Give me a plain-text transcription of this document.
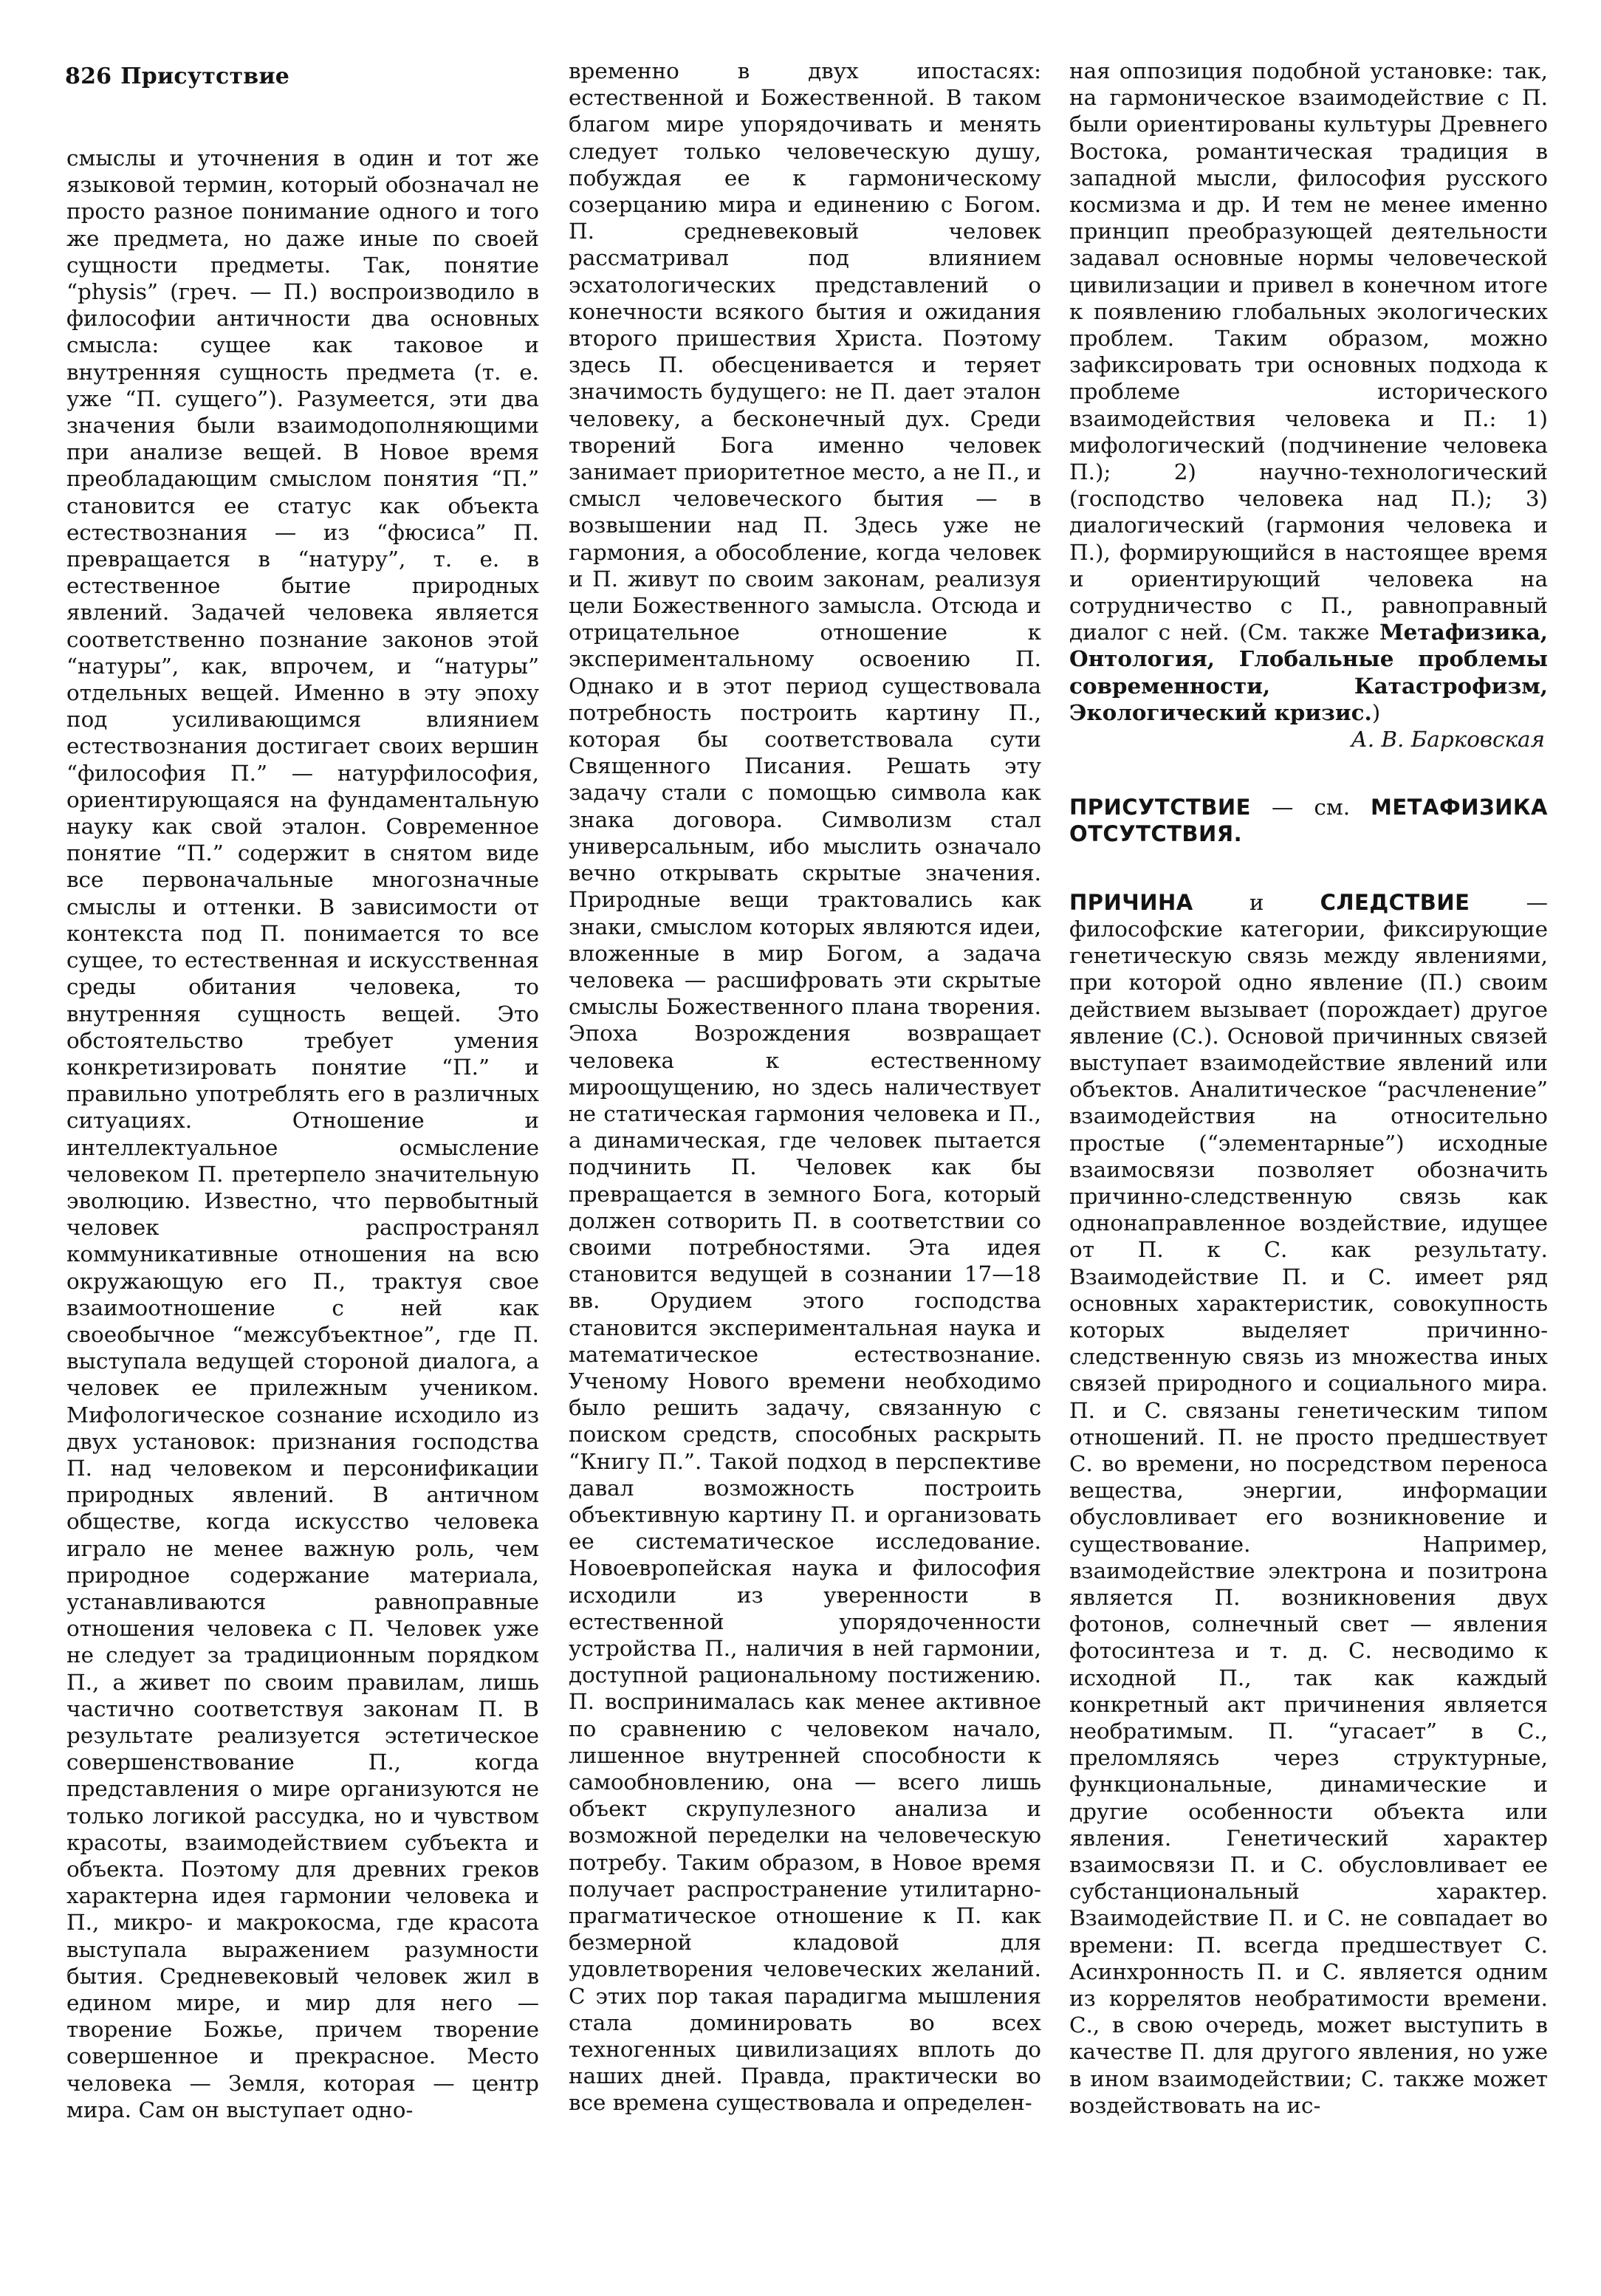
826 Присутствие

смыслы и уточнения в один и тот же языковой термин, который обозначал не просто разное понимание одного и того же предмета, но даже иные по своей сущности предметы. Так, понятие “physis” (греч. — П.) воспроизводило в философии античности два основных смысла: сущее как таковое и внутренняя сущность предмета (т. е. уже “П. сущего”). Разумеется, эти два значения были взаимодополняющими при анализе вещей. В Новое время преобладающим смыслом понятия “П.” становится ее статус как объекта естествознания — из “фюсиса” П. превращается в “натуру”, т. е. в естественное бытие природных явлений. Задачей человека является соответственно познание законов этой “натуры”, как, впрочем, и “натуры” отдельных вещей. Именно в эту эпоху под усиливающимся влиянием естествознания достигает своих вершин “философия П.” — натурфилософия, ориентирующаяся на фундаментальную науку как свой эталон. Современное понятие “П.” содержит в снятом виде все первоначальные многозначные смыслы и оттенки. В зависимости от контекста под П. понимается то все сущее, то естественная и искусственная среды обитания человека, то внутренняя сущность вещей. Это обстоятельство требует умения конкретизировать понятие “П.” и правильно употреблять его в различных ситуациях. Отношение и интеллектуальное осмысление человеком П. претерпело значительную эволюцию. Известно, что первобытный человек распространял коммуникативные отношения на всю окружающую его П., трактуя свое взаимоотношение с ней как своеобычное “межсубъектное”, где П. выступала ведущей стороной диалога, а человек ее прилежным учеником. Мифологическое сознание исходило из двух установок: признания господства П. над человеком и персонификации природных явлений. В античном обществе, когда искусство человека играло не менее важную роль, чем природное содержание материала, устанавливаются равноправные отношения человека с П. Человек уже не следует за традиционным порядком П., а живет по своим правилам, лишь частично соответствуя законам П. В результате реализуется эстетическое совершенствование П., когда представления о мире организуются не только логикой рассудка, но и чувством красоты, взаимодействием субъекта и объекта. Поэтому для древних греков характерна идея гармонии человека и П., микро- и макрокосма, где красота выступала выражением разумности бытия. Средневековый человек жил в едином мире, и мир для него — творение Божье, причем творение совершенное и прекрасное. Место человека — Земля, которая — центр мира. Сам он выступает одно-

временно в двух ипостасях: естественной и Божественной. В таком благом мире упорядочивать и менять следует только человеческую душу, побуждая ее к гармоническому созерцанию мира и единению с Богом. П. средневековый человек рассматривал под влиянием эсхатологических представлений о конечности всякого бытия и ожидания второго пришествия Христа. Поэтому здесь П. обесценивается и теряет значимость будущего: не П. дает эталон человеку, а бесконечный дух. Среди творений Бога именно человек занимает приоритетное место, а не П., и смысл человеческого бытия — в возвышении над П. Здесь уже не гармония, а обособление, когда человек и П. живут по своим законам, реализуя цели Божественного замысла. Отсюда и отрицательное отношение к экспериментальному освоению П. Однако и в этот период существовала потребность построить картину П., которая бы соответствовала сути Священного Писания. Решать эту задачу стали с помощью символа как знака договора. Символизм стал универсальным, ибо мыслить означало вечно открывать скрытые значения. Природные вещи трактовались как знаки, смыслом которых являются идеи, вложенные в мир Богом, а задача человека — расшифровать эти скрытые смыслы Божественного плана творения. Эпоха Возрождения возвращает человека к естественному мироощущению, но здесь наличествует не статическая гармония человека и П., а динамическая, где человек пытается подчинить П. Человек как бы превращается в земного Бога, который должен сотворить П. в соответствии со своими потребностями. Эта идея становится ведущей в сознании 17—18 вв. Орудием этого господства становится экспериментальная наука и математическое естествознание. Ученому Нового времени необходимо было решить задачу, связанную с поиском средств, способных раскрыть “Книгу П.”. Такой подход в перспективе давал возможность построить объективную картину П. и организовать ее систематическое исследование. Новоевропейская наука и философия исходили из уверенности в естественной упорядоченности устройства П., наличия в ней гармонии, доступной рациональному постижению. П. воспринималась как менее активное по сравнению с человеком начало, лишенное внутренней способности к самообновлению, она — всего лишь объект скрупулезного анализа и возможной переделки на человеческую потребу. Таким образом, в Новое время получает распространение утилитарно-прагматическое отношение к П. как безмерной кладовой для удовлетворения человеческих желаний. С этих пор такая парадигма мышления стала доминировать во всех техногенных цивилизациях вплоть до наших дней. Правда, практически во все времена существовала и определен-

ная оппозиция подобной установке: так, на гармоническое взаимодействие с П. были ориентированы культуры Древнего Востока, романтическая традиция в западной мысли, философия русского космизма и др. И тем не менее именно принцип преобразующей деятельности задавал основные нормы человеческой цивилизации и привел в конечном итоге к появлению глобальных экологических проблем. Таким образом, можно зафиксировать три основных подхода к проблеме исторического взаимодействия человека и П.: 1) мифологический (подчинение человека П.); 2) научно-технологический (господство человека над П.); 3) диалогический (гармония человека и П.), формирующийся в настоящее время и ориентирующий человека на сотрудничество с П., равноправный диалог с ней. (См. также Метафизика, Онтология, Глобальные проблемы современности, Катастрофизм, Экологический кризис.)

А. В. Барковская

ПРИСУТСТВИЕ — см. МЕТАФИЗИКА ОТСУТСТВИЯ.

ПРИЧИНА и СЛЕДСТВИЕ — философские категории, фиксирующие генетическую связь между явлениями, при которой одно явление (П.) своим действием вызывает (порождает) другое явление (С.). Основой причинных связей выступает взаимодействие явлений или объектов. Аналитическое “расчленение” взаимодействия на относительно простые (“элементарные”) исходные взаимосвязи позволяет обозначить причинно-следственную связь как однонаправленное воздействие, идущее от П. к С. как результату. Взаимодействие П. и С. имеет ряд основных характеристик, совокупность которых выделяет причинно-следственную связь из множества иных связей природного и социального мира. П. и С. связаны генетическим типом отношений. П. не просто предшествует С. во времени, но посредством переноса вещества, энергии, информации обусловливает его возникновение и существование. Например, взаимодействие электрона и позитрона является П. возникновения двух фотонов, солнечный свет — явления фотосинтеза и т. д. С. несводимо к исходной П., так как каждый конкретный акт причинения является необратимым. П. “угасает” в С., преломляясь через структурные, функциональные, динамические и другие особенности объекта или явления. Генетический характер взаимосвязи П. и С. обусловливает ее субстанциональный характер. Взаимодействие П. и С. не совпадает во времени: П. всегда предшествует С. Асинхронность П. и С. является одним из коррелятов необратимости времени. С., в свою очередь, может выступить в качестве П. для другого явления, но уже в ином взаимодействии; С. также может воздействовать на ис-
